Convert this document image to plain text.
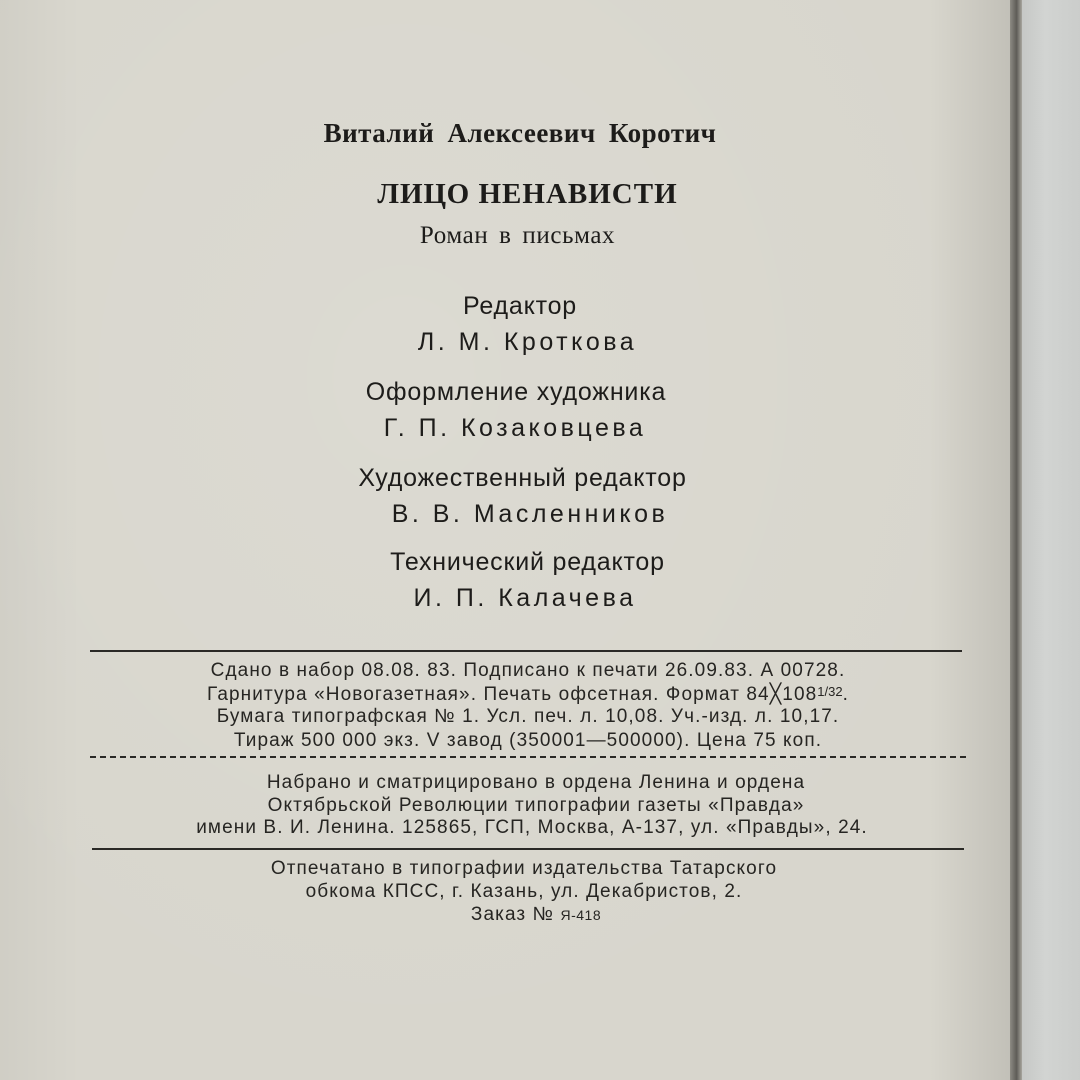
Виталий Алексеевич Коротич
ЛИЦО НЕНАВИСТИ
Роман в письмах
Редактор
Л. М. Кроткова
Оформление художника
Г. П. Козаковцева
Художественный редактор
В. В. Масленников
Технический редактор
И. П. Калачева
Сдано в набор 08.08. 83. Подписано к печати 26.09.83. А 00728.
Гарнитура «Новогазетная». Печать офсетная. Формат $84╳108^{1/32}$.
Бумага типографская № 1. Усл. печ. л. 10,08. Уч.-изд. л. 10,17.
Тираж 500 000 экз. V завод (350001—500000). Цена 75 коп.
Набрано и сматрицировано в ордена Ленина и ордена
Октябрьской Революции типографии газеты «Правда»
имени В. И. Ленина. 125865, ГСП, Москва, А-137, ул. «Правды», 24.
Отпечатано в типографии издательства Татарского
обкома КПСС, г. Казань, ул. Декабристов, 2.
Заказ № Я-418
